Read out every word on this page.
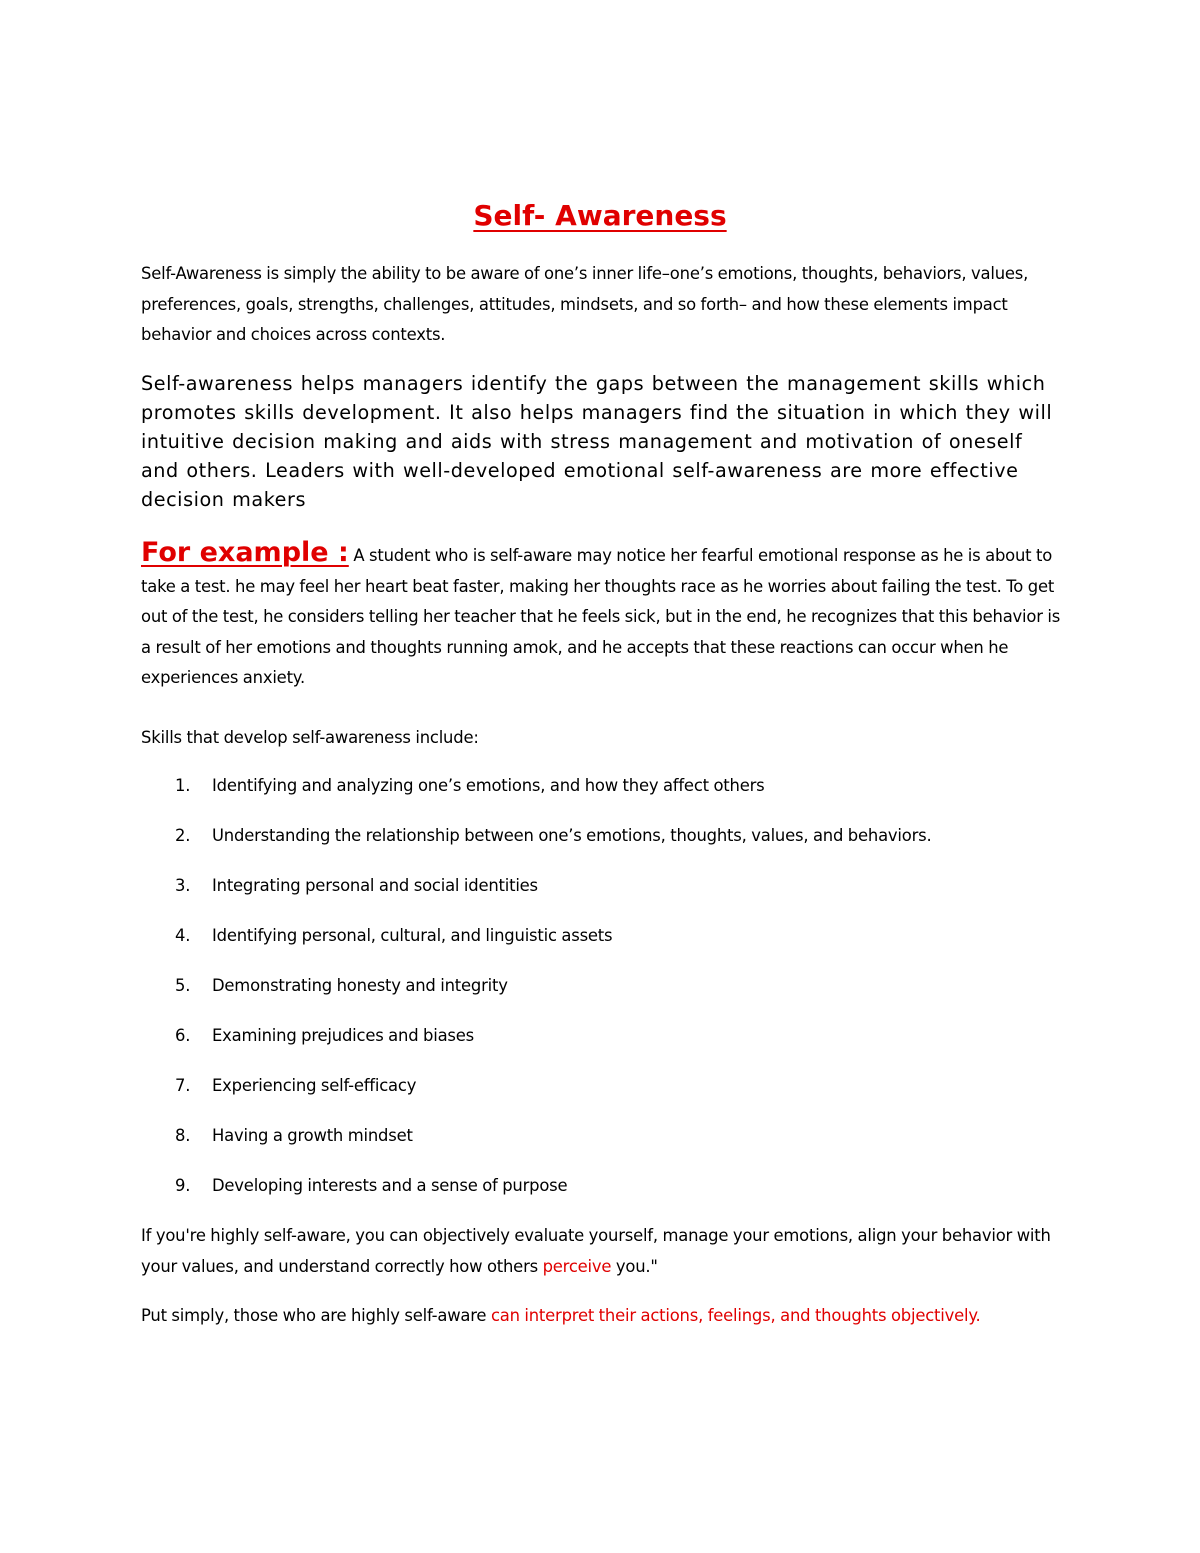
Self- Awareness

Self-Awareness is simply the ability to be aware of one’s inner life–one’s emotions, thoughts, behaviors, values, preferences, goals, strengths, challenges, attitudes, mindsets, and so forth– and how these elements impact behavior and choices across contexts.

Self-awareness helps managers identify the gaps between the management skills which promotes skills development. It also helps managers find the situation in which they will intuitive decision making and aids with stress management and motivation of oneself and others. Leaders with well-developed emotional self-awareness are more effective decision makers

For example : A student who is self-aware may notice her fearful emotional response as he is about to take a test. he may feel her heart beat faster, making her thoughts race as he worries about failing the test. To get out of the test, he considers telling her teacher that he feels sick, but in the end, he recognizes that this behavior is a result of her emotions and thoughts running amok, and he accepts that these reactions can occur when he experiences anxiety.

Skills that develop self-awareness include:

1. Identifying and analyzing one’s emotions, and how they affect others
2. Understanding the relationship between one’s emotions, thoughts, values, and behaviors.
3. Integrating personal and social identities
4. Identifying personal, cultural, and linguistic assets
5. Demonstrating honesty and integrity
6. Examining prejudices and biases
7. Experiencing self-efficacy
8. Having a growth mindset
9. Developing interests and a sense of purpose

If you're highly self-aware, you can objectively evaluate yourself, manage your emotions, align your behavior with your values, and understand correctly how others perceive you."

Put simply, those who are highly self-aware can interpret their actions, feelings, and thoughts objectively.
